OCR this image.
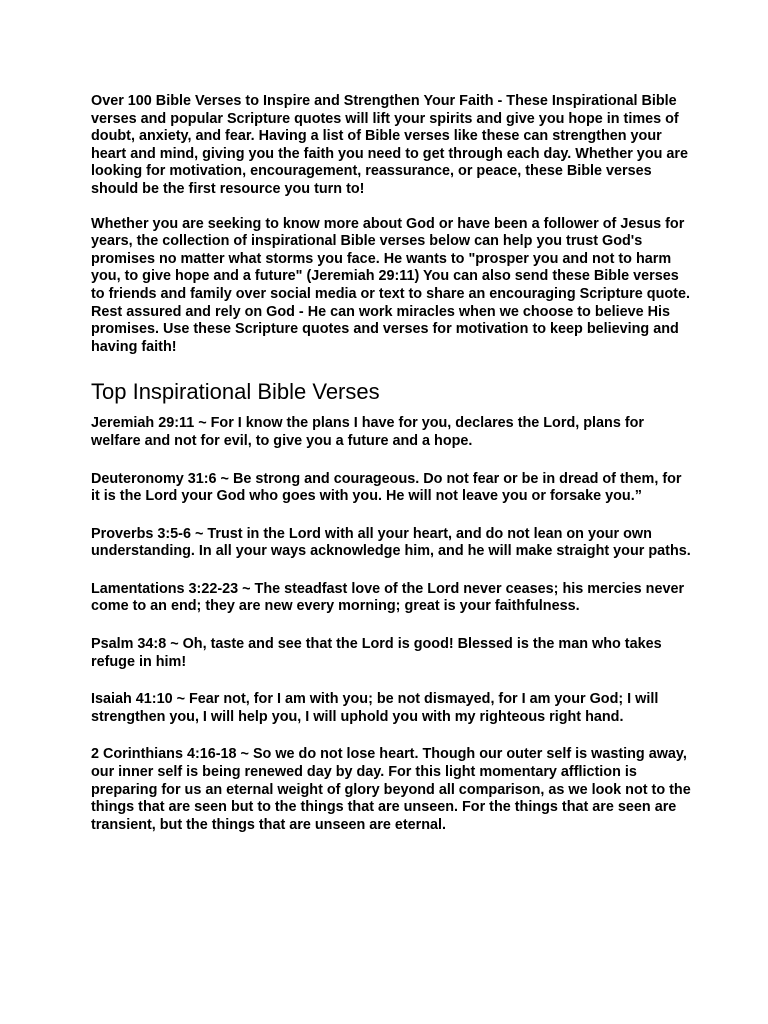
Over 100 Bible Verses to Inspire and Strengthen Your Faith - These Inspirational Bible verses and popular Scripture quotes will lift your spirits and give you hope in times of doubt, anxiety, and fear. Having a list of Bible verses like these can strengthen your heart and mind, giving you the faith you need to get through each day. Whether you are looking for motivation, encouragement, reassurance, or peace, these Bible verses should be the first resource you turn to!

Whether you are seeking to know more about God or have been a follower of Jesus for years, the collection of inspirational Bible verses below can help you trust God's promises no matter what storms you face. He wants to "prosper you and not to harm you, to give hope and a future" (Jeremiah 29:11) You can also send these Bible verses to friends and family over social media or text to share an encouraging Scripture quote. Rest assured and rely on God - He can work miracles when we choose to believe His promises. Use these Scripture quotes and verses for motivation to keep believing and having faith!

Top Inspirational Bible Verses

Jeremiah 29:11 ~ For I know the plans I have for you, declares the Lord, plans for welfare and not for evil, to give you a future and a hope.

Deuteronomy 31:6 ~ Be strong and courageous. Do not fear or be in dread of them, for it is the Lord your God who goes with you. He will not leave you or forsake you.”

Proverbs 3:5-6 ~ Trust in the Lord with all your heart, and do not lean on your own understanding. In all your ways acknowledge him, and he will make straight your paths.

Lamentations 3:22-23 ~ The steadfast love of the Lord never ceases; his mercies never come to an end; they are new every morning; great is your faithfulness.

Psalm 34:8 ~ Oh, taste and see that the Lord is good! Blessed is the man who takes refuge in him!

Isaiah 41:10 ~ Fear not, for I am with you; be not dismayed, for I am your God; I will strengthen you, I will help you, I will uphold you with my righteous right hand.

2 Corinthians 4:16-18 ~ So we do not lose heart. Though our outer self is wasting away, our inner self is being renewed day by day. For this light momentary affliction is preparing for us an eternal weight of glory beyond all comparison, as we look not to the things that are seen but to the things that are unseen. For the things that are seen are transient, but the things that are unseen are eternal.
